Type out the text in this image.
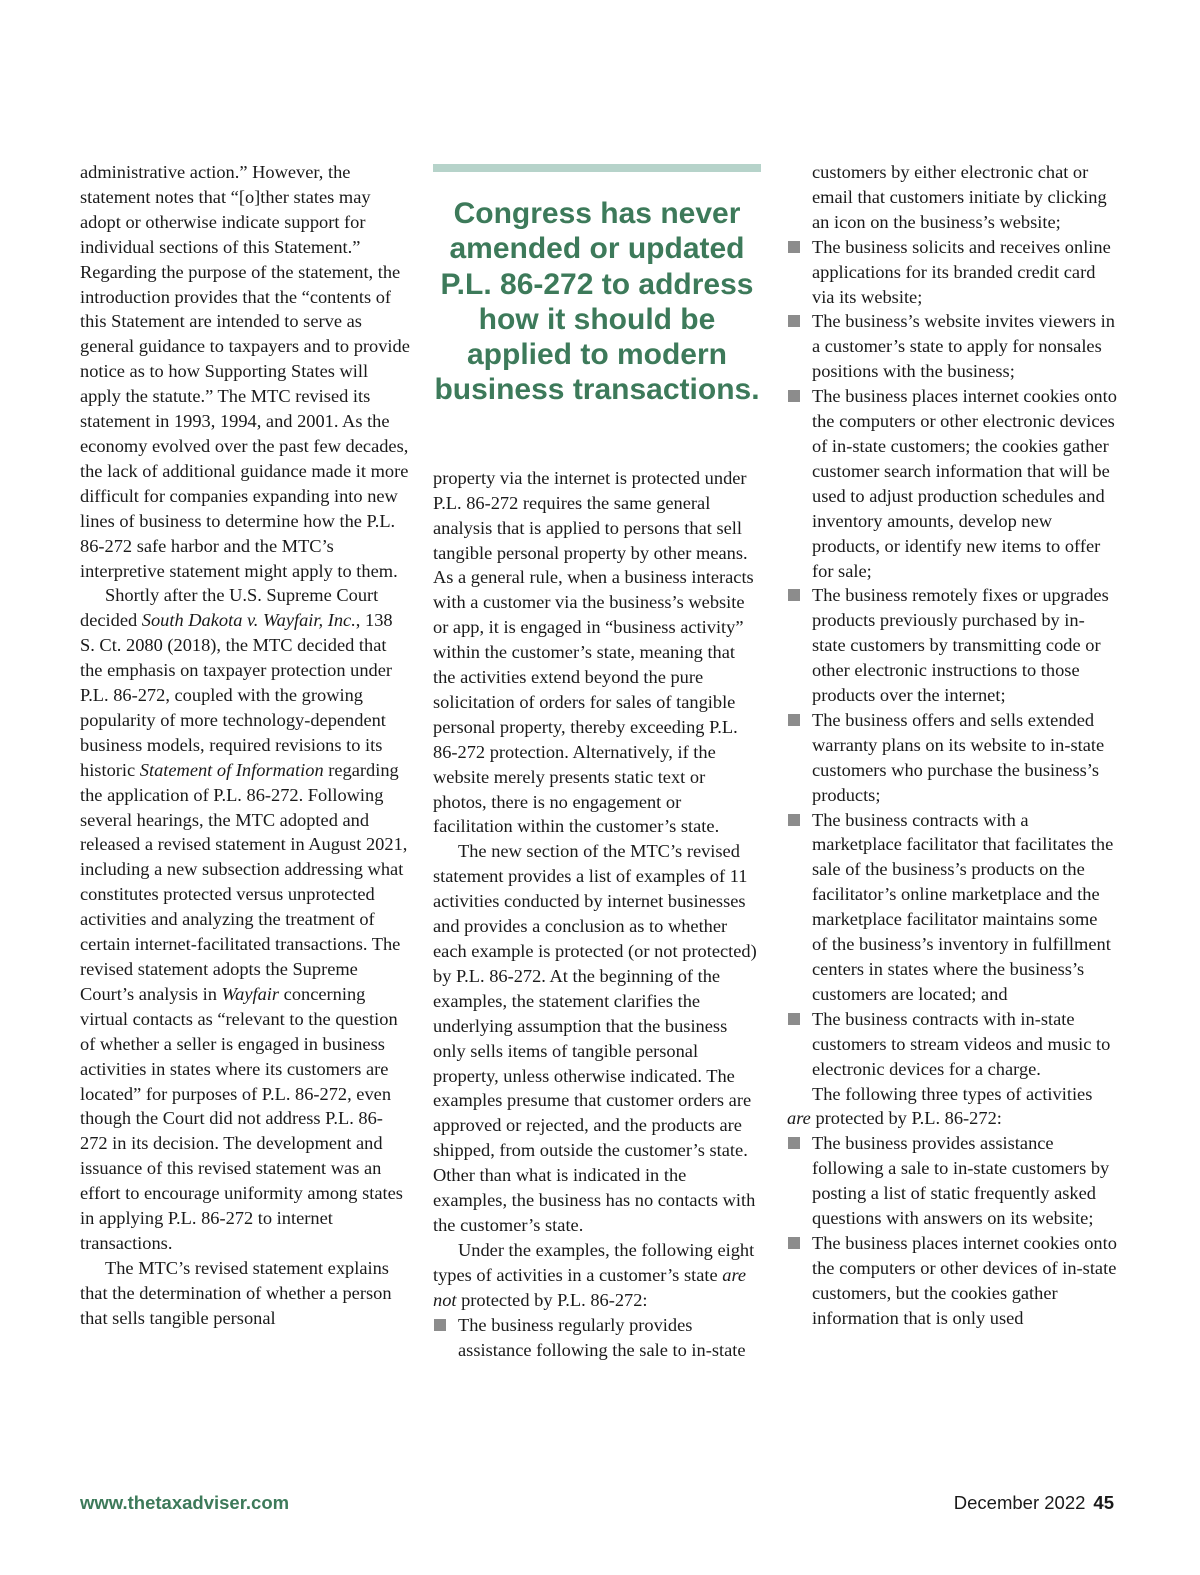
administrative action.” However, the statement notes that “[o]ther states may adopt or otherwise indicate support for individual sections of this Statement.” Regarding the purpose of the statement, the introduction provides that the “contents of this Statement are intended to serve as general guidance to taxpayers and to provide notice as to how Supporting States will apply the statute.” The MTC revised its statement in 1993, 1994, and 2001. As the economy evolved over the past few decades, the lack of additional guidance made it more difficult for companies expanding into new lines of business to determine how the P.L. 86-272 safe harbor and the MTC’s interpretive statement might apply to them.

Shortly after the U.S. Supreme Court decided South Dakota v. Wayfair, Inc., 138 S. Ct. 2080 (2018), the MTC decided that the emphasis on taxpayer protection under P.L. 86-272, coupled with the growing popularity of more technology-dependent business models, required revisions to its historic Statement of Information regarding the application of P.L. 86-272. Following several hearings, the MTC adopted and released a revised statement in August 2021, including a new subsection addressing what constitutes protected versus unprotected activities and analyzing the treatment of certain internet-facilitated transactions. The revised statement adopts the Supreme Court’s analysis in Wayfair concerning virtual contacts as “relevant to the question of whether a seller is engaged in business activities in states where its customers are located” for purposes of P.L. 86-272, even though the Court did not address P.L. 86-272 in its decision. The development and issuance of this revised statement was an effort to encourage uniformity among states in applying P.L. 86-272 to internet transactions.

The MTC’s revised statement explains that the determination of whether a person that sells tangible personal

Congress has never amended or updated P.L. 86-272 to address how it should be applied to modern business transactions.

property via the internet is protected under P.L. 86-272 requires the same general analysis that is applied to persons that sell tangible personal property by other means. As a general rule, when a business interacts with a customer via the business’s website or app, it is engaged in “business activity” within the customer’s state, meaning that the activities extend beyond the pure solicitation of orders for sales of tangible personal property, thereby exceeding P.L. 86-272 protection. Alternatively, if the website merely presents static text or photos, there is no engagement or facilitation within the customer’s state.

The new section of the MTC’s revised statement provides a list of examples of 11 activities conducted by internet businesses and provides a conclusion as to whether each example is protected (or not protected) by P.L. 86-272. At the beginning of the examples, the statement clarifies the underlying assumption that the business only sells items of tangible personal property, unless otherwise indicated. The examples presume that customer orders are approved or rejected, and the products are shipped, from outside the customer’s state. Other than what is indicated in the examples, the business has no contacts with the customer’s state.

Under the examples, the following eight types of activities in a customer’s state are not protected by P.L. 86-272:

The business regularly provides assistance following the sale to in-state

customers by either electronic chat or email that customers initiate by clicking an icon on the business’s website;

The business solicits and receives online applications for its branded credit card via its website;
The business’s website invites viewers in a customer’s state to apply for nonsales positions with the business;
The business places internet cookies onto the computers or other electronic devices of in-state customers; the cookies gather customer search information that will be used to adjust production schedules and inventory amounts, develop new products, or identify new items to offer for sale;
The business remotely fixes or upgrades products previously purchased by in-state customers by transmitting code or other electronic instructions to those products over the internet;
The business offers and sells extended warranty plans on its website to in-state customers who purchase the business’s products;
The business contracts with a marketplace facilitator that facilitates the sale of the business’s products on the facilitator’s online marketplace and the marketplace facilitator maintains some of the business’s inventory in fulfillment centers in states where the business’s customers are located; and
The business contracts with in-state customers to stream videos and music to electronic devices for a charge.

The following three types of activities are protected by P.L. 86-272:

The business provides assistance following a sale to in-state customers by posting a list of static frequently asked questions with answers on its website;
The business places internet cookies onto the computers or other devices of in-state customers, but the cookies gather information that is only used
www.thetaxadviser.com	December 2022 45
